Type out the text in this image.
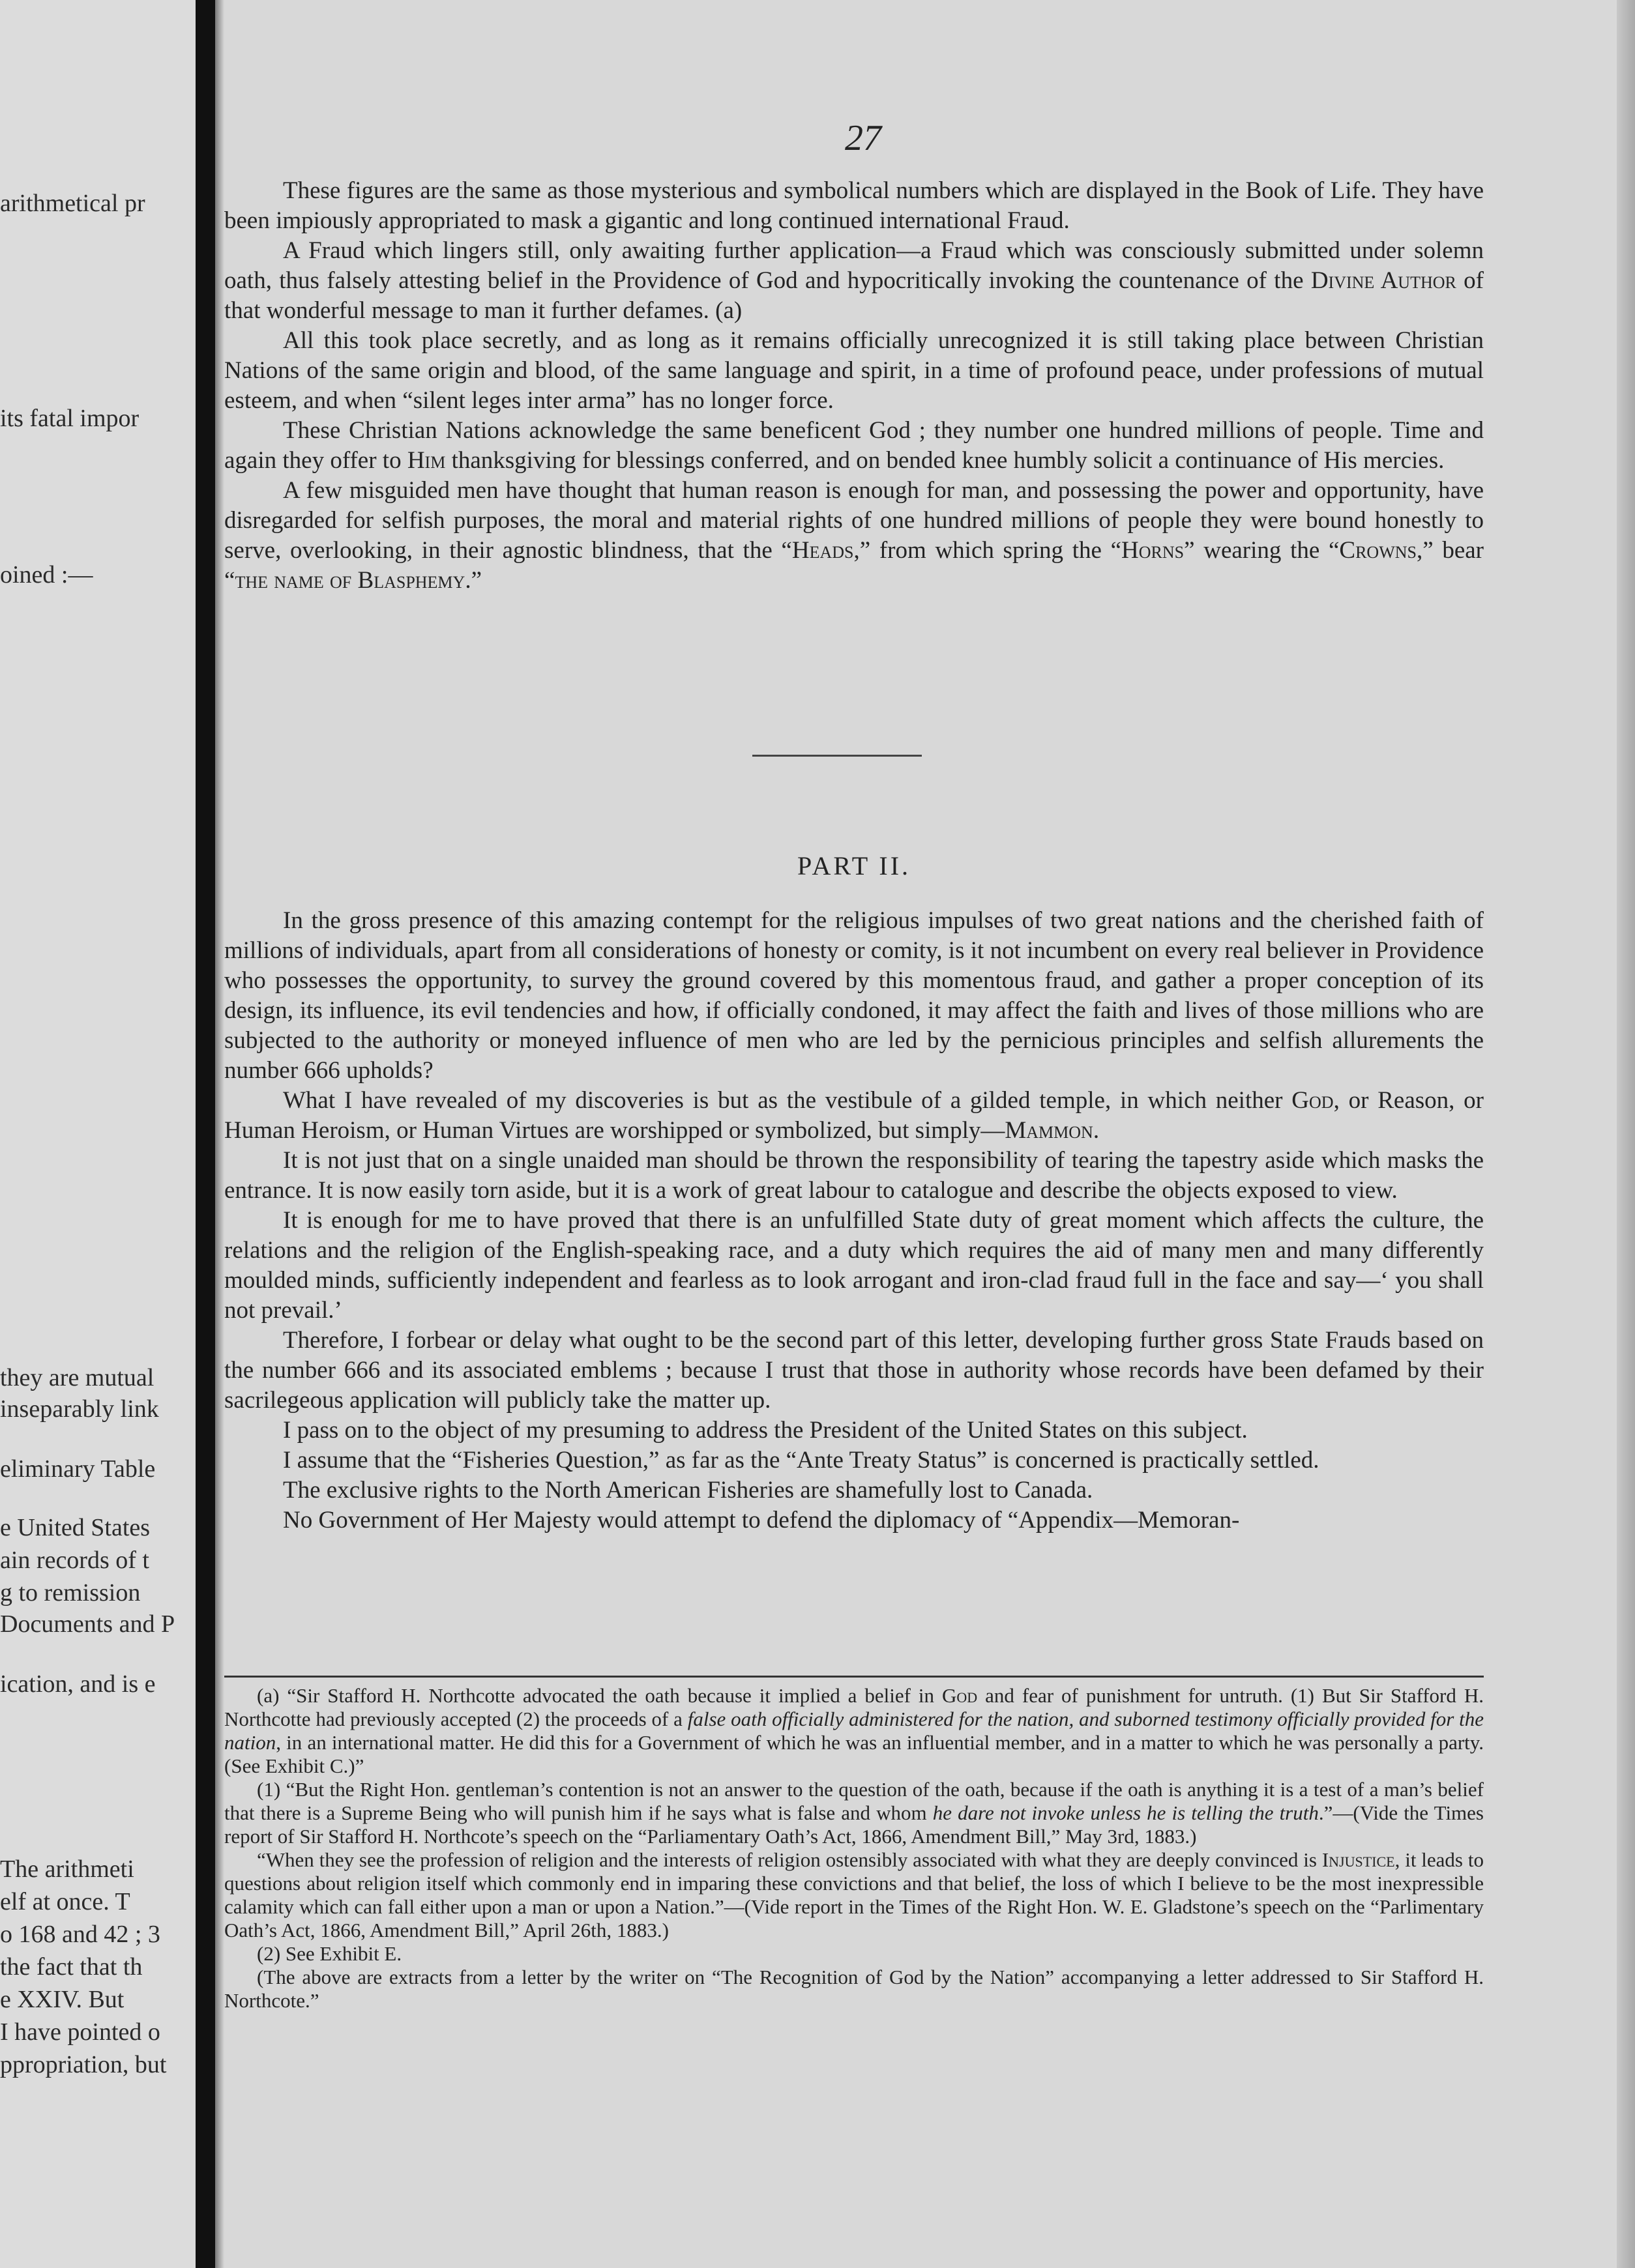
arithmetical pr
its fatal impor
oined :—
they are mutual
inseparably link
eliminary Table
e United States
ain records of t
g to remission
Documents and P
ication, and is e
The arithmeti
elf at once. T
o 168 and 42 ; 3
the fact that th
e XXIV. But
I have pointed o
ppropriation, but
27

These figures are the same as those mysterious and symbolical numbers which are displayed in the Book of Life. They have been impiously appropriated to mask a gigantic and long continued international Fraud.

A Fraud which lingers still, only awaiting further application—a Fraud which was consciously submitted under solemn oath, thus falsely attesting belief in the Providence of God and hypocritically invoking the countenance of the Divine Author of that wonderful message to man it further defames. (a)

All this took place secretly, and as long as it remains officially unrecognized it is still taking place between Christian Nations of the same origin and blood, of the same language and spirit, in a time of profound peace, under professions of mutual esteem, and when “silent leges inter arma” has no longer force.

These Christian Nations acknowledge the same beneficent God ; they number one hundred millions of people. Time and again they offer to Him thanksgiving for blessings conferred, and on bended knee humbly solicit a continuance of His mercies.

A few misguided men have thought that human reason is enough for man, and possessing the power and opportunity, have disregarded for selfish purposes, the moral and material rights of one hundred millions of people they were bound honestly to serve, overlooking, in their agnostic blindness, that the “Heads,” from which spring the “Horns” wearing the “Crowns,” bear “the name of Blasphemy.”

PART II.

In the gross presence of this amazing contempt for the religious impulses of two great nations and the cherished faith of millions of individuals, apart from all considerations of honesty or comity, is it not incumbent on every real believer in Providence who possesses the opportunity, to survey the ground covered by this momentous fraud, and gather a proper conception of its design, its influence, its evil tendencies and how, if officially condoned, it may affect the faith and lives of those millions who are subjected to the authority or moneyed influence of men who are led by the pernicious principles and selfish allurements the number 666 upholds?

What I have revealed of my discoveries is but as the vestibule of a gilded temple, in which neither God, or Reason, or Human Heroism, or Human Virtues are worshipped or symbolized, but simply—Mammon.

It is not just that on a single unaided man should be thrown the responsibility of tearing the tapestry aside which masks the entrance. It is now easily torn aside, but it is a work of great labour to catalogue and describe the objects exposed to view.

It is enough for me to have proved that there is an unfulfilled State duty of great moment which affects the culture, the relations and the religion of the English-speaking race, and a duty which requires the aid of many men and many differently moulded minds, sufficiently independent and fearless as to look arrogant and iron-clad fraud full in the face and say—‘ you shall not prevail.’

Therefore, I forbear or delay what ought to be the second part of this letter, developing further gross State Frauds based on the number 666 and its associated emblems ; because I trust that those in authority whose records have been defamed by their sacrilegeous application will publicly take the matter up.

I pass on to the object of my presuming to address the President of the United States on this subject.

I assume that the “Fisheries Question,” as far as the “Ante Treaty Status” is concerned is practically settled.

The exclusive rights to the North American Fisheries are shamefully lost to Canada.

No Government of Her Majesty would attempt to defend the diplomacy of “Appendix—Memoran-

(a) “Sir Stafford H. Northcotte advocated the oath because it implied a belief in God and fear of punishment for untruth. (1) But Sir Stafford H. Northcotte had previously accepted (2) the proceeds of a false oath officially administered for the nation, and suborned testimony officially provided for the nation, in an international matter. He did this for a Government of which he was an influential member, and in a matter to which he was personally a party. (See Exhibit C.)”

(1) “But the Right Hon. gentleman’s contention is not an answer to the question of the oath, because if the oath is anything it is a test of a man’s belief that there is a Supreme Being who will punish him if he says what is false and whom he dare not invoke unless he is telling the truth.”—(Vide the Times report of Sir Stafford H. Northcote’s speech on the “Parliamentary Oath’s Act, 1866, Amendment Bill,” May 3rd, 1883.)

“When they see the profession of religion and the interests of religion ostensibly associated with what they are deeply convinced is Injustice, it leads to questions about religion itself which commonly end in imparing these convictions and that belief, the loss of which I believe to be the most inexpressible calamity which can fall either upon a man or upon a Nation.”—(Vide report in the Times of the Right Hon. W. E. Gladstone’s speech on the “Parlimentary Oath’s Act, 1866, Amendment Bill,” April 26th, 1883.)

(2) See Exhibit E.

(The above are extracts from a letter by the writer on “The Recognition of God by the Nation” accompanying a letter addressed to Sir Stafford H. Northcote.”
